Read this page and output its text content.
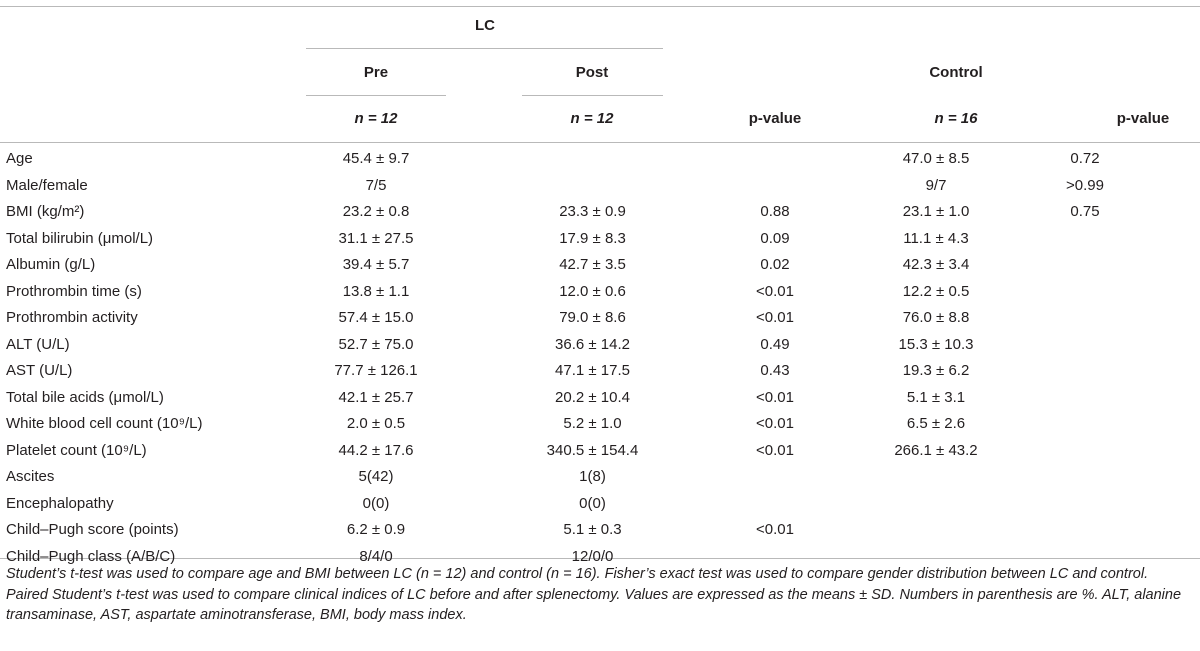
LC
Pre	Post	Control
n = 12	n = 12	p-value	n = 16	p-value
Age	45.4 ± 9.7						47.0 ± 8.5		0.72	
Male/female	7/5						9/7		>0.99	
BMI (kg/m²)	23.2 ± 0.8		23.3 ± 0.9		0.88		23.1 ± 1.0		0.75	
Total bilirubin (μmol/L)	31.1 ± 27.5		17.9 ± 8.3		0.09		11.1 ± 4.3			
Albumin (g/L)	39.4 ± 5.7		42.7 ± 3.5		0.02		42.3 ± 3.4			
Prothrombin time (s)	13.8 ± 1.1		12.0 ± 0.6		<0.01		12.2 ± 0.5			
Prothrombin activity	57.4 ± 15.0		79.0 ± 8.6		<0.01		76.0 ± 8.8			
ALT (U/L)	52.7 ± 75.0		36.6 ± 14.2		0.49		15.3 ± 10.3			
AST (U/L)	77.7 ± 126.1		47.1 ± 17.5		0.43		19.3 ± 6.2			
Total bile acids (μmol/L)	42.1 ± 25.7		20.2 ± 10.4		<0.01		5.1 ± 3.1			
White blood cell count (10⁹/L)	2.0 ± 0.5		5.2 ± 1.0		<0.01		6.5 ± 2.6			
Platelet count (10⁹/L)	44.2 ± 17.6		340.5 ± 154.4		<0.01		266.1 ± 43.2			
Ascites	5(42)		1(8)							
Encephalopathy	0(0)		0(0)							
Child–Pugh score (points)	6.2 ± 0.9		5.1 ± 0.3		<0.01					
Child–Pugh class (A/B/C)	8/4/0		12/0/0							
Student’s t-test was used to compare age and BMI between LC (n = 12) and control (n = 16). Fisher’s exact test was used to compare gender distribution between LC and control. Paired Student’s t-test was used to compare clinical indices of LC before and after splenectomy. Values are expressed as the means ± SD. Numbers in parenthesis are %. ALT, alanine transaminase, AST, aspartate aminotransferase, BMI, body mass index.
